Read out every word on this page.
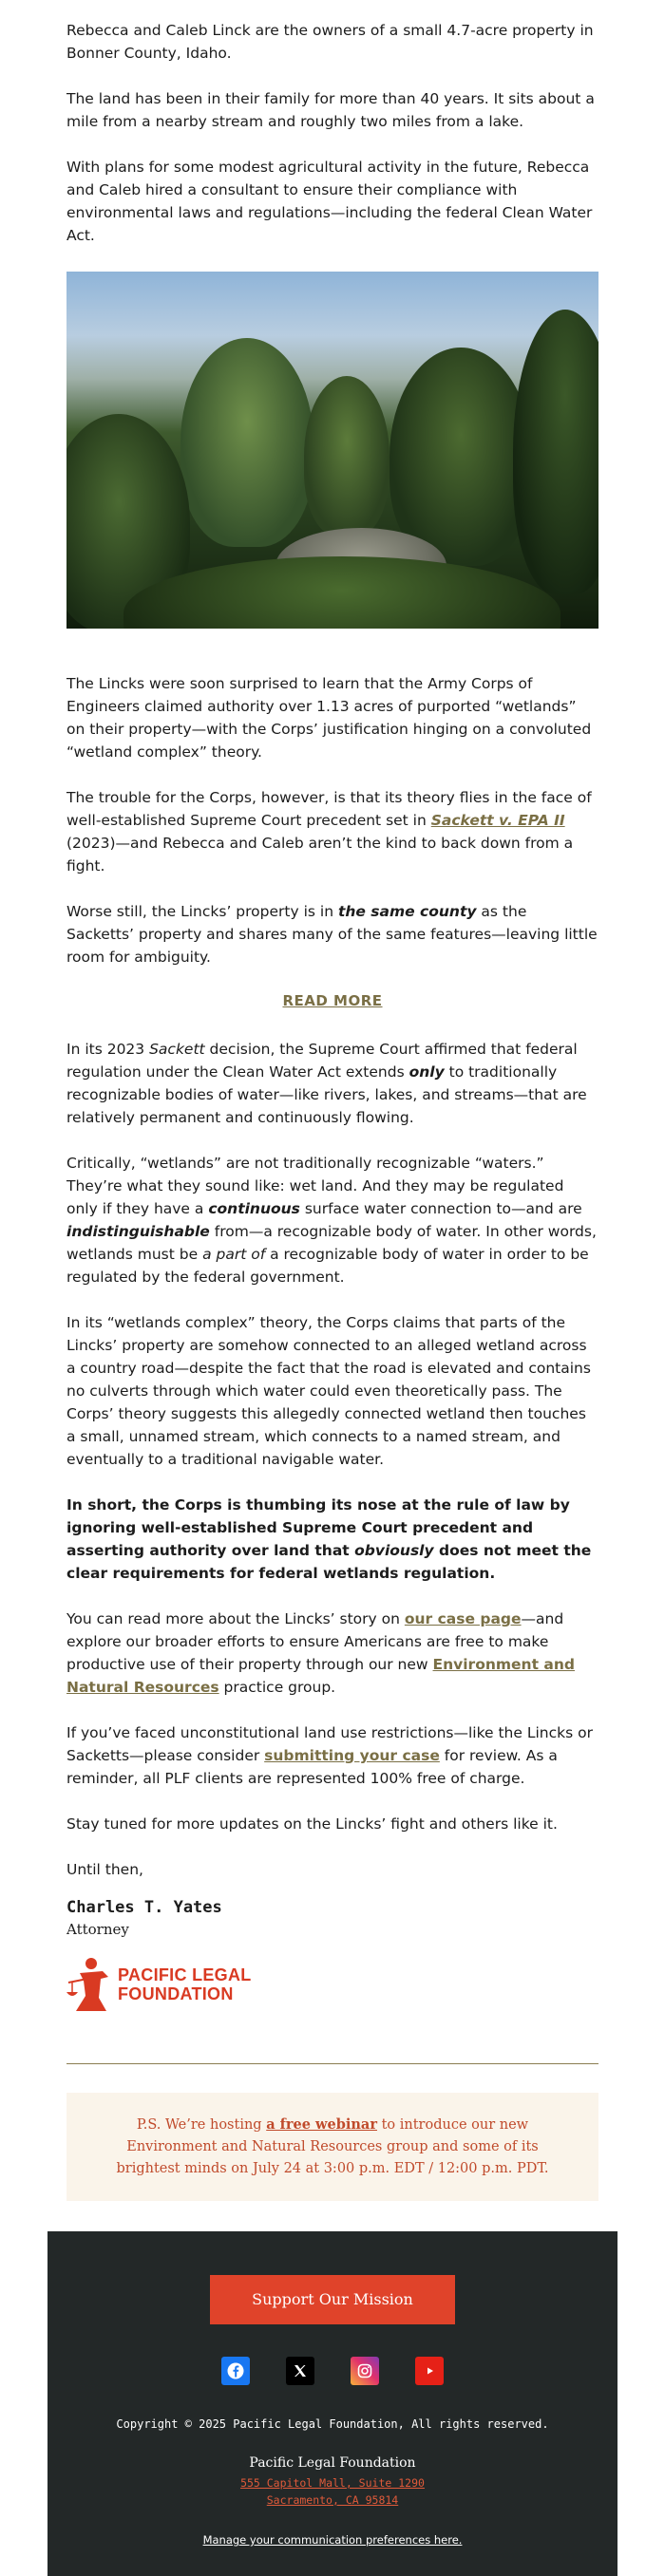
Rebecca and Caleb Linck are the owners of a small 4.7-acre property in Bonner County, Idaho.

The land has been in their family for more than 40 years. It sits about a mile from a nearby stream and roughly two miles from a lake.

With plans for some modest agricultural activity in the future, Rebecca and Caleb hired a consultant to ensure their compliance with environmental laws and regulations—including the federal Clean Water Act.

The Lincks were soon surprised to learn that the Army Corps of Engineers claimed authority over 1.13 acres of purported “wetlands” on their property—with the Corps’ justification hinging on a convoluted “wetland complex” theory.

The trouble for the Corps, however, is that its theory flies in the face of well-established Supreme Court precedent set in Sackett v. EPA II (2023)—and Rebecca and Caleb aren’t the kind to back down from a fight.

Worse still, the Lincks’ property is in the same county as the Sacketts’ property and shares many of the same features—leaving little room for ambiguity.

READ MORE

In its 2023 Sackett decision, the Supreme Court affirmed that federal regulation under the Clean Water Act extends only to traditionally recognizable bodies of water—like rivers, lakes, and streams—that are relatively permanent and continuously flowing.

Critically, “wetlands” are not traditionally recognizable “waters.” They’re what they sound like: wet land. And they may be regulated only if they have a continuous surface water connection to—and are indistinguishable from—a recognizable body of water. In other words, wetlands must be a part of a recognizable body of water in order to be regulated by the federal government.

In its “wetlands complex” theory, the Corps claims that parts of the Lincks’ property are somehow connected to an alleged wetland across a country road—despite the fact that the road is elevated and contains no culverts through which water could even theoretically pass. The Corps’ theory suggests this allegedly connected wetland then touches a small, unnamed stream, which connects to a named stream, and eventually to a traditional navigable water.

In short, the Corps is thumbing its nose at the rule of law by ignoring well-established Supreme Court precedent and asserting authority over land that obviously does not meet the clear requirements for federal wetlands regulation.

You can read more about the Lincks’ story on our case page—and explore our broader efforts to ensure Americans are free to make productive use of their property through our new Environment and Natural Resources practice group.

If you’ve faced unconstitutional land use restrictions—like the Lincks or Sacketts—please consider submitting your case for review. As a reminder, all PLF clients are represented 100% free of charge.

Stay tuned for more updates on the Lincks’ fight and others like it.

Until then,

Charles T. Yates
Attorney
PACIFIC LEGAL
FOUNDATION
P.S. We’re hosting a free webinar to introduce our new Environment and Natural Resources group and some of its brightest minds on July 24 at 3:00 p.m. EDT / 12:00 p.m. PDT.
Support Our Mission
Copyright © 2025 Pacific Legal Foundation, All rights reserved.
Pacific Legal Foundation
555 Capitol Mall, Suite 1290
Sacramento, CA 95814
Manage your communication preferences here.
